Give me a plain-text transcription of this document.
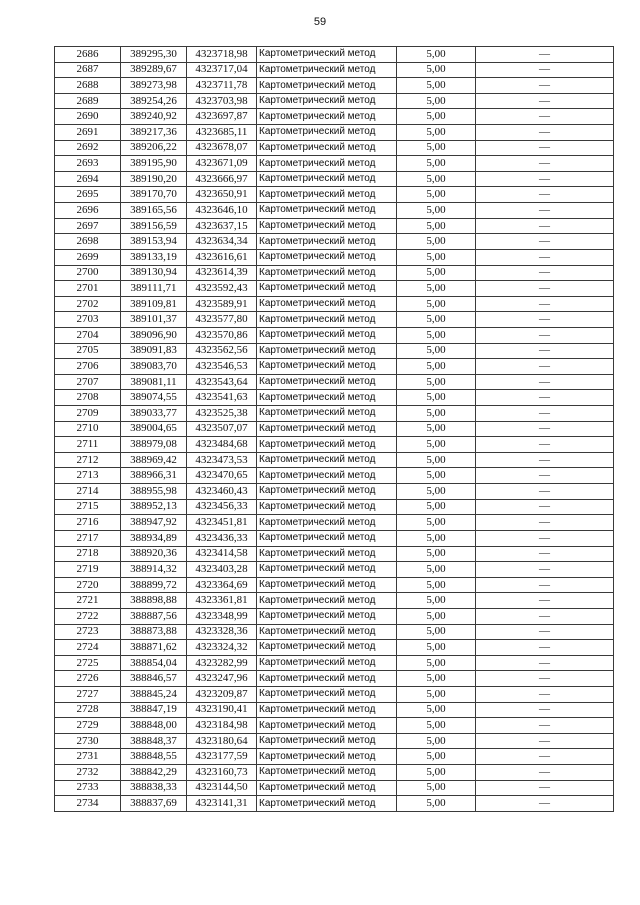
59
2686	389295,30	4323718,98	Картометрический метод	5,00	—
2687	389289,67	4323717,04	Картометрический метод	5,00	—
2688	389273,98	4323711,78	Картометрический метод	5,00	—
2689	389254,26	4323703,98	Картометрический метод	5,00	—
2690	389240,92	4323697,87	Картометрический метод	5,00	—
2691	389217,36	4323685,11	Картометрический метод	5,00	—
2692	389206,22	4323678,07	Картометрический метод	5,00	—
2693	389195,90	4323671,09	Картометрический метод	5,00	—
2694	389190,20	4323666,97	Картометрический метод	5,00	—
2695	389170,70	4323650,91	Картометрический метод	5,00	—
2696	389165,56	4323646,10	Картометрический метод	5,00	—
2697	389156,59	4323637,15	Картометрический метод	5,00	—
2698	389153,94	4323634,34	Картометрический метод	5,00	—
2699	389133,19	4323616,61	Картометрический метод	5,00	—
2700	389130,94	4323614,39	Картометрический метод	5,00	—
2701	389111,71	4323592,43	Картометрический метод	5,00	—
2702	389109,81	4323589,91	Картометрический метод	5,00	—
2703	389101,37	4323577,80	Картометрический метод	5,00	—
2704	389096,90	4323570,86	Картометрический метод	5,00	—
2705	389091,83	4323562,56	Картометрический метод	5,00	—
2706	389083,70	4323546,53	Картометрический метод	5,00	—
2707	389081,11	4323543,64	Картометрический метод	5,00	—
2708	389074,55	4323541,63	Картометрический метод	5,00	—
2709	389033,77	4323525,38	Картометрический метод	5,00	—
2710	389004,65	4323507,07	Картометрический метод	5,00	—
2711	388979,08	4323484,68	Картометрический метод	5,00	—
2712	388969,42	4323473,53	Картометрический метод	5,00	—
2713	388966,31	4323470,65	Картометрический метод	5,00	—
2714	388955,98	4323460,43	Картометрический метод	5,00	—
2715	388952,13	4323456,33	Картометрический метод	5,00	—
2716	388947,92	4323451,81	Картометрический метод	5,00	—
2717	388934,89	4323436,33	Картометрический метод	5,00	—
2718	388920,36	4323414,58	Картометрический метод	5,00	—
2719	388914,32	4323403,28	Картометрический метод	5,00	—
2720	388899,72	4323364,69	Картометрический метод	5,00	—
2721	388898,88	4323361,81	Картометрический метод	5,00	—
2722	388887,56	4323348,99	Картометрический метод	5,00	—
2723	388873,88	4323328,36	Картометрический метод	5,00	—
2724	388871,62	4323324,32	Картометрический метод	5,00	—
2725	388854,04	4323282,99	Картометрический метод	5,00	—
2726	388846,57	4323247,96	Картометрический метод	5,00	—
2727	388845,24	4323209,87	Картометрический метод	5,00	—
2728	388847,19	4323190,41	Картометрический метод	5,00	—
2729	388848,00	4323184,98	Картометрический метод	5,00	—
2730	388848,37	4323180,64	Картометрический метод	5,00	—
2731	388848,55	4323177,59	Картометрический метод	5,00	—
2732	388842,29	4323160,73	Картометрический метод	5,00	—
2733	388838,33	4323144,50	Картометрический метод	5,00	—
2734	388837,69	4323141,31	Картометрический метод	5,00	—
